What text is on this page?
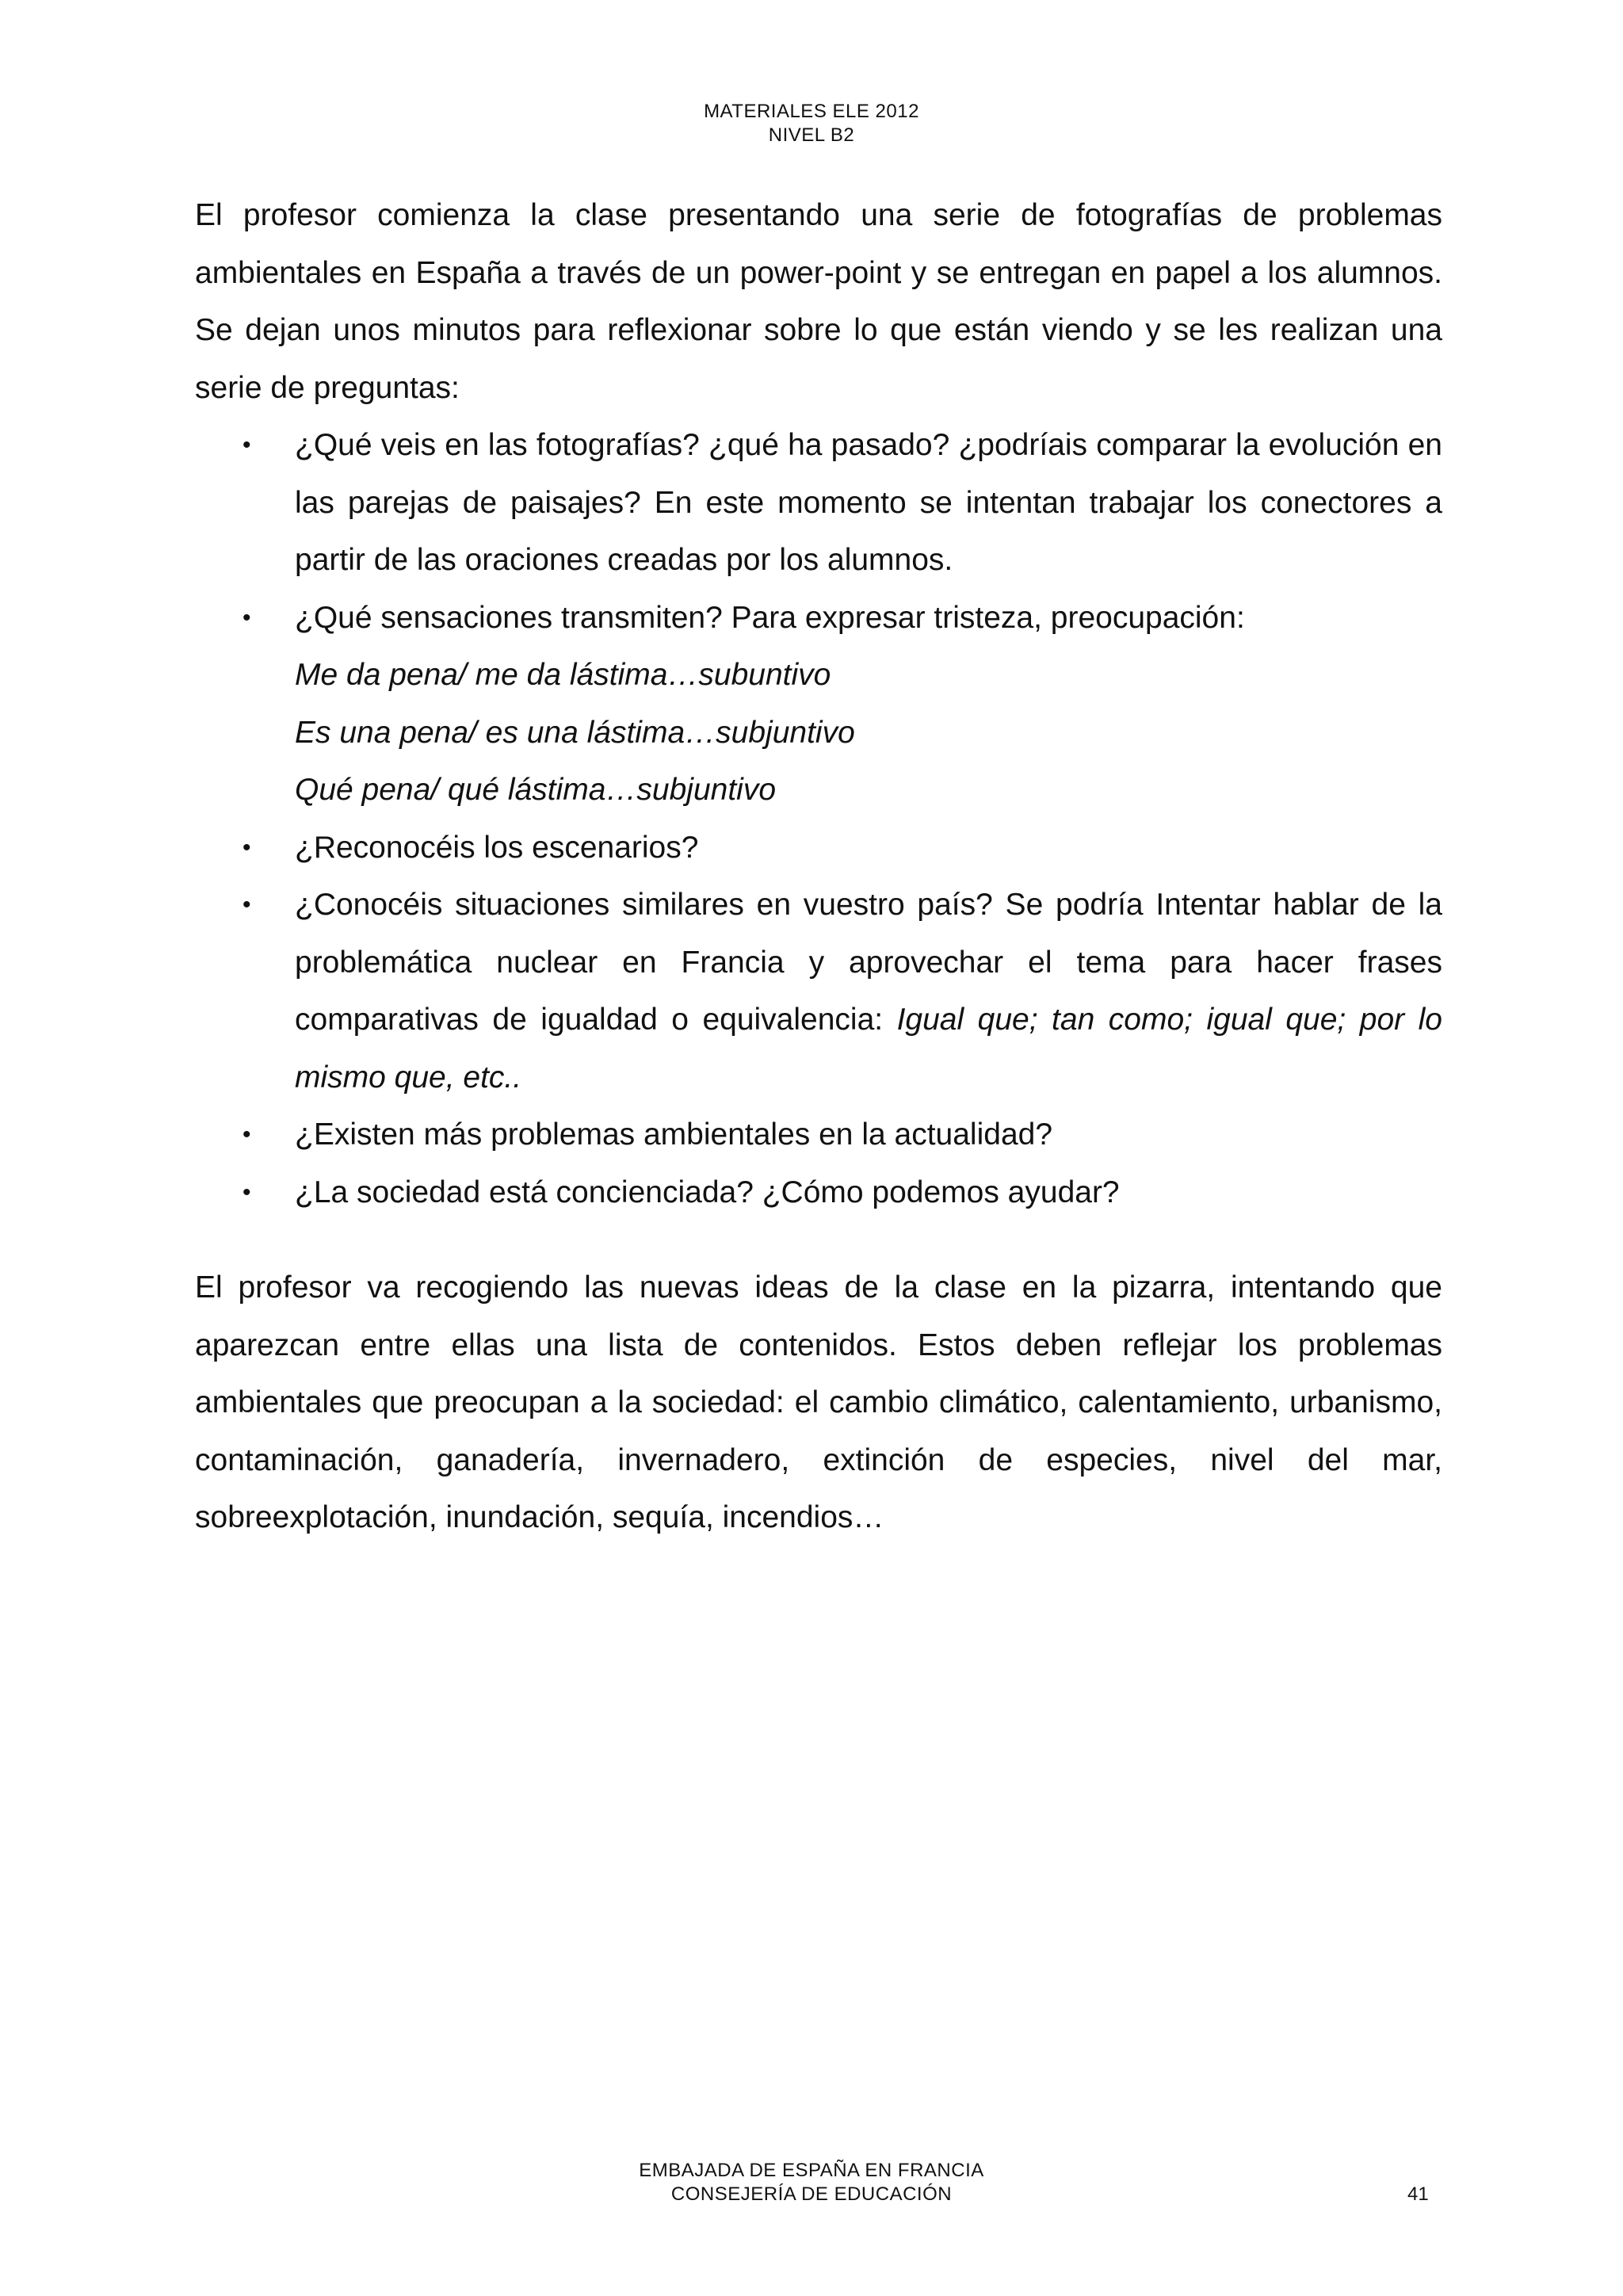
MATERIALES ELE 2012
NIVEL B2

El profesor comienza la clase presentando una serie de fotografías de problemas ambientales en España a través de un power-point y se entregan en papel a los alumnos. Se dejan unos minutos para reflexionar sobre lo que están viendo y se les realizan una serie de preguntas:

• ¿Qué veis en las fotografías? ¿qué ha pasado? ¿podríais comparar la evolución en las parejas de paisajes? En este momento se intentan trabajar los conectores a partir de las oraciones creadas por los alumnos.
• ¿Qué sensaciones transmiten? Para expresar tristeza, preocupación:
Me da pena/ me da lástima…subuntivo
Es una pena/ es una lástima…subjuntivo
Qué pena/ qué lástima…subjuntivo
• ¿Reconocéis los escenarios?
• ¿Conocéis situaciones similares en vuestro país? Se podría Intentar hablar de la problemática nuclear en Francia y aprovechar el tema para hacer frases comparativas de igualdad o equivalencia: Igual que; tan como; igual que; por lo mismo que, etc..
• ¿Existen más problemas ambientales en la actualidad?
• ¿La sociedad está concienciada? ¿Cómo podemos ayudar?

El profesor va recogiendo las nuevas ideas de la clase en la pizarra, intentando que aparezcan entre ellas una lista de contenidos. Estos deben reflejar los problemas ambientales que preocupan a la sociedad: el cambio climático, calentamiento, urbanismo, contaminación, ganadería, invernadero, extinción de especies, nivel del mar, sobreexplotación, inundación, sequía, incendios…

EMBAJADA DE ESPAÑA EN FRANCIA
CONSEJERÍA DE EDUCACIÓN	41
